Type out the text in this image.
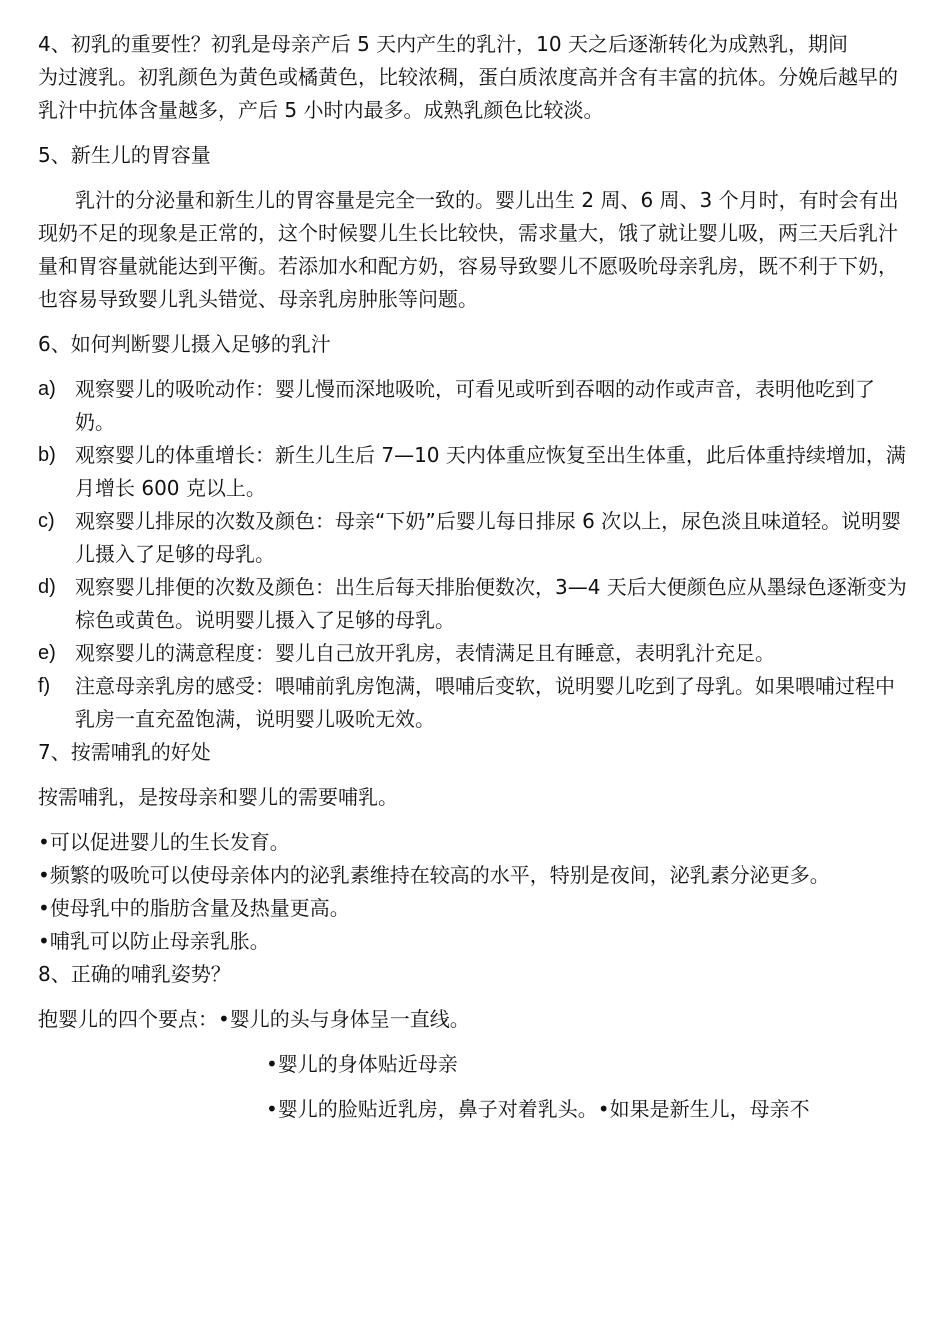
4、初乳的重要性？初乳是母亲产后 5 天内产生的乳汁，10 天之后逐渐转化为成熟乳，期间

为过渡乳。初乳颜色为黄色或橘黄色，比较浓稠，蛋白质浓度高并含有丰富的抗体。分娩后越早的乳汁中抗体含量越多，产后 5 小时内最多。成熟乳颜色比较淡。

5、新生儿的胃容量

乳汁的分泌量和新生儿的胃容量是完全一致的。婴儿出生 2 周、6 周、3 个月时，有时会有出现奶不足的现象是正常的，这个时候婴儿生长比较快，需求量大，饿了就让婴儿吸，两三天后乳汁量和胃容量就能达到平衡。若添加水和配方奶，容易导致婴儿不愿吸吮母亲乳房，既不利于下奶，也容易导致婴儿乳头错觉、母亲乳房肿胀等问题。

6、如何判断婴儿摄入足够的乳汁

a) 观察婴儿的吸吮动作：婴儿慢而深地吸吮，可看见或听到吞咽的动作或声音，表明他吃到了奶。
b) 观察婴儿的体重增长：新生儿生后 7—10 天内体重应恢复至出生体重，此后体重持续增加，满月增长 600 克以上。
c) 观察婴儿排尿的次数及颜色：母亲“下奶”后婴儿每日排尿 6 次以上，尿色淡且味道轻。说明婴儿摄入了足够的母乳。
d) 观察婴儿排便的次数及颜色：出生后每天排胎便数次，3—4 天后大便颜色应从墨绿色逐渐变为棕色或黄色。说明婴儿摄入了足够的母乳。
e) 观察婴儿的满意程度：婴儿自己放开乳房，表情满足且有睡意，表明乳汁充足。
f) 注意母亲乳房的感受：喂哺前乳房饱满，喂哺后变软，说明婴儿吃到了母乳。如果喂哺过程中乳房一直充盈饱满，说明婴儿吸吮无效。

7、按需哺乳的好处

按需哺乳，是按母亲和婴儿的需要哺乳。

•可以促进婴儿的生长发育。
•频繁的吸吮可以使母亲体内的泌乳素维持在较高的水平，特别是夜间，泌乳素分泌更多。
•使母乳中的脂肪含量及热量更高。
•哺乳可以防止母亲乳胀。

8、正确的哺乳姿势？

抱婴儿的四个要点：•婴儿的头与身体呈一直线。

•婴儿的身体贴近母亲

•婴儿的脸贴近乳房，鼻子对着乳头。•如果是新生儿，母亲不
